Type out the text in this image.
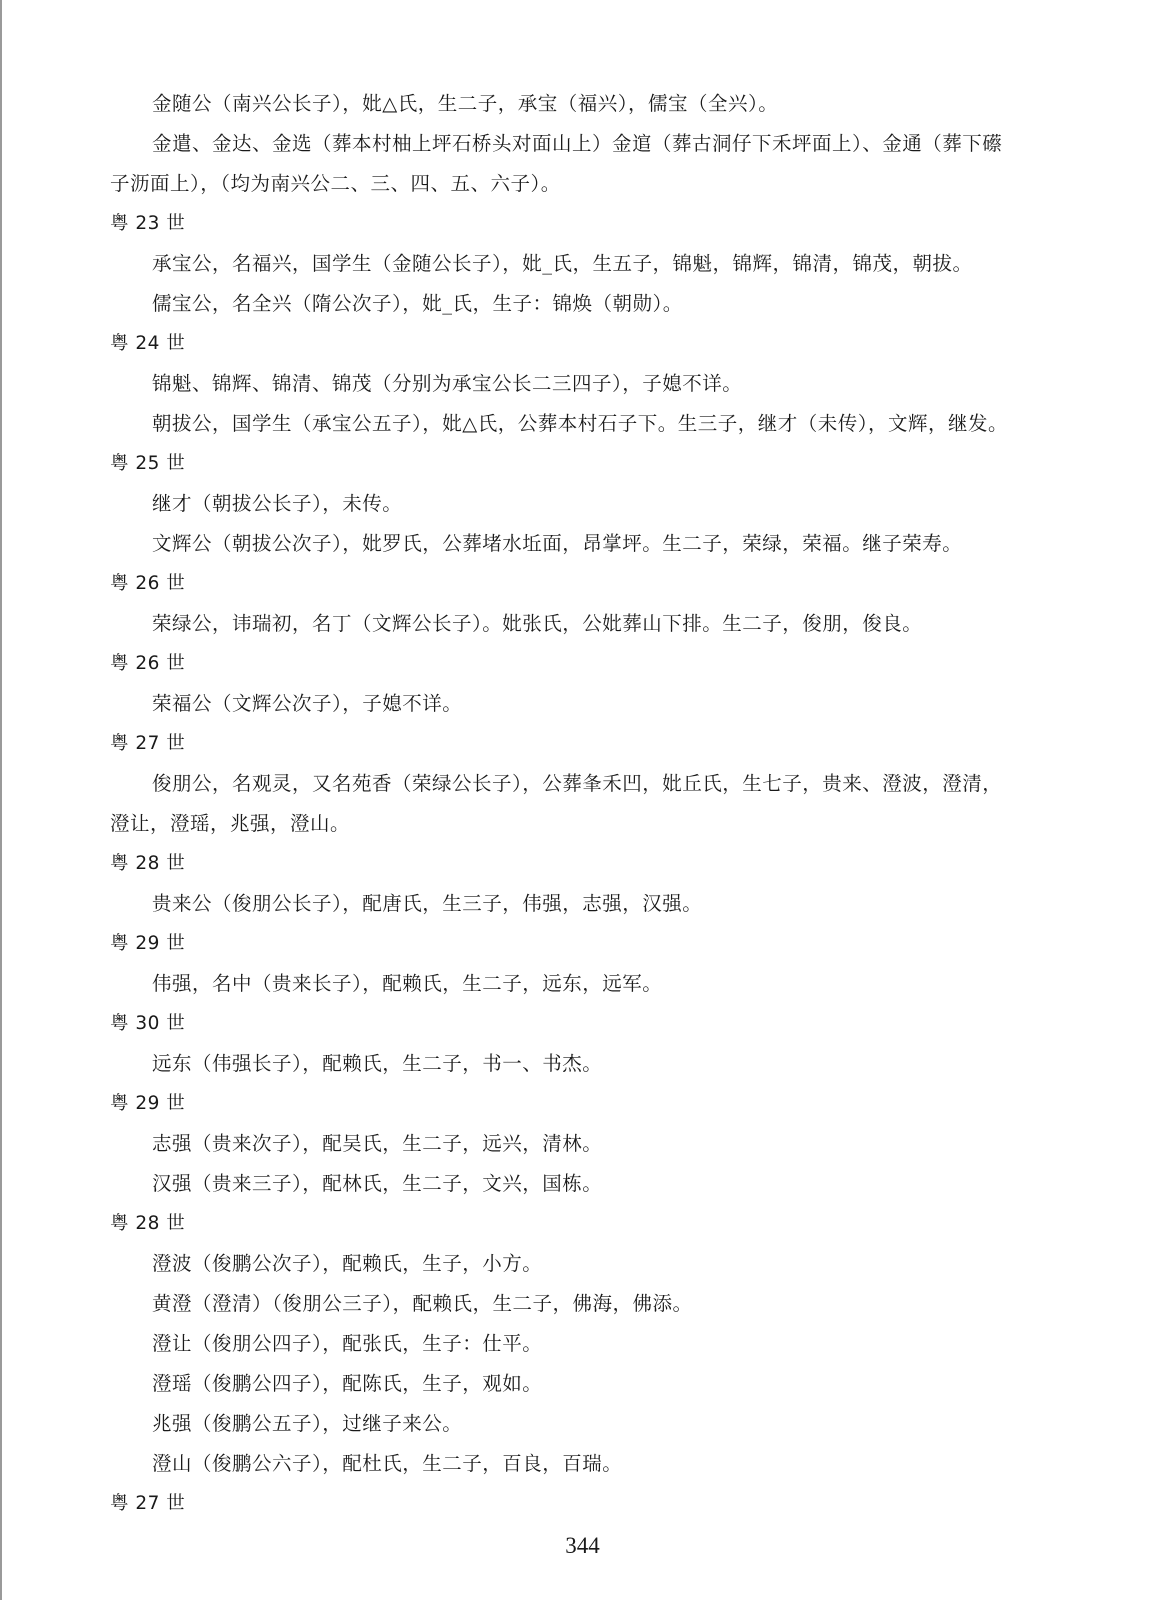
金随公（南兴公长子），妣△氏，生二子，承宝（福兴），儒宝（全兴）。
金遣、金达、金选（葬本村柚上坪石桥头对面山上）金逭（葬古洞仔下禾坪面上）、金通（葬下礤
子沥面上），（均为南兴公二、三、四、五、六子）。
粤 23 世
承宝公，名福兴，国学生（金随公长子），妣_氏，生五子，锦魁，锦辉，锦清，锦茂，朝拔。
儒宝公，名全兴（隋公次子），妣_氏，生子：锦焕（朝勋）。
粤 24 世
锦魁、锦辉、锦清、锦茂（分别为承宝公长二三四子），子媳不详。
朝拔公，国学生（承宝公五子），妣△氏，公葬本村石子下。生三子，继才（未传），文辉，继发。
粤 25 世
继才（朝拔公长子），未传。
文辉公（朝拔公次子），妣罗氏，公葬堵水坵面，昂掌坪。生二子，荣绿，荣福。继子荣寿。
粤 26 世
荣绿公，讳瑞初，名丁（文辉公长子）。妣张氏，公妣葬山下排。生二子，俊朋，俊良。
粤 26 世
荣福公（文辉公次子），子媳不详。
粤 27 世
俊朋公，名观灵，又名苑香（荣绿公长子），公葬夆禾凹，妣丘氏，生七子，贵来、澄波，澄清，
澄让，澄瑶，兆强，澄山。
粤 28 世
贵来公（俊朋公长子），配唐氏，生三子，伟强，志强，汉强。
粤 29 世
伟强，名中（贵来长子），配赖氏，生二子，远东，远军。
粤 30 世
远东（伟强长子），配赖氏，生二子，书一、书杰。
粤 29 世
志强（贵来次子），配吴氏，生二子，远兴，清林。
汉强（贵来三子），配林氏，生二子，文兴，国栋。
粤 28 世
澄波（俊鹏公次子），配赖氏，生子，小方。
黄澄（澄清）（俊朋公三子），配赖氏，生二子，佛海，佛添。
澄让（俊朋公四子），配张氏，生子：仕平。
澄瑶（俊鹏公四子），配陈氏，生子，观如。
兆强（俊鹏公五子），过继子来公。
澄山（俊鹏公六子），配杜氏，生二子，百良，百瑞。
粤 27 世
344
